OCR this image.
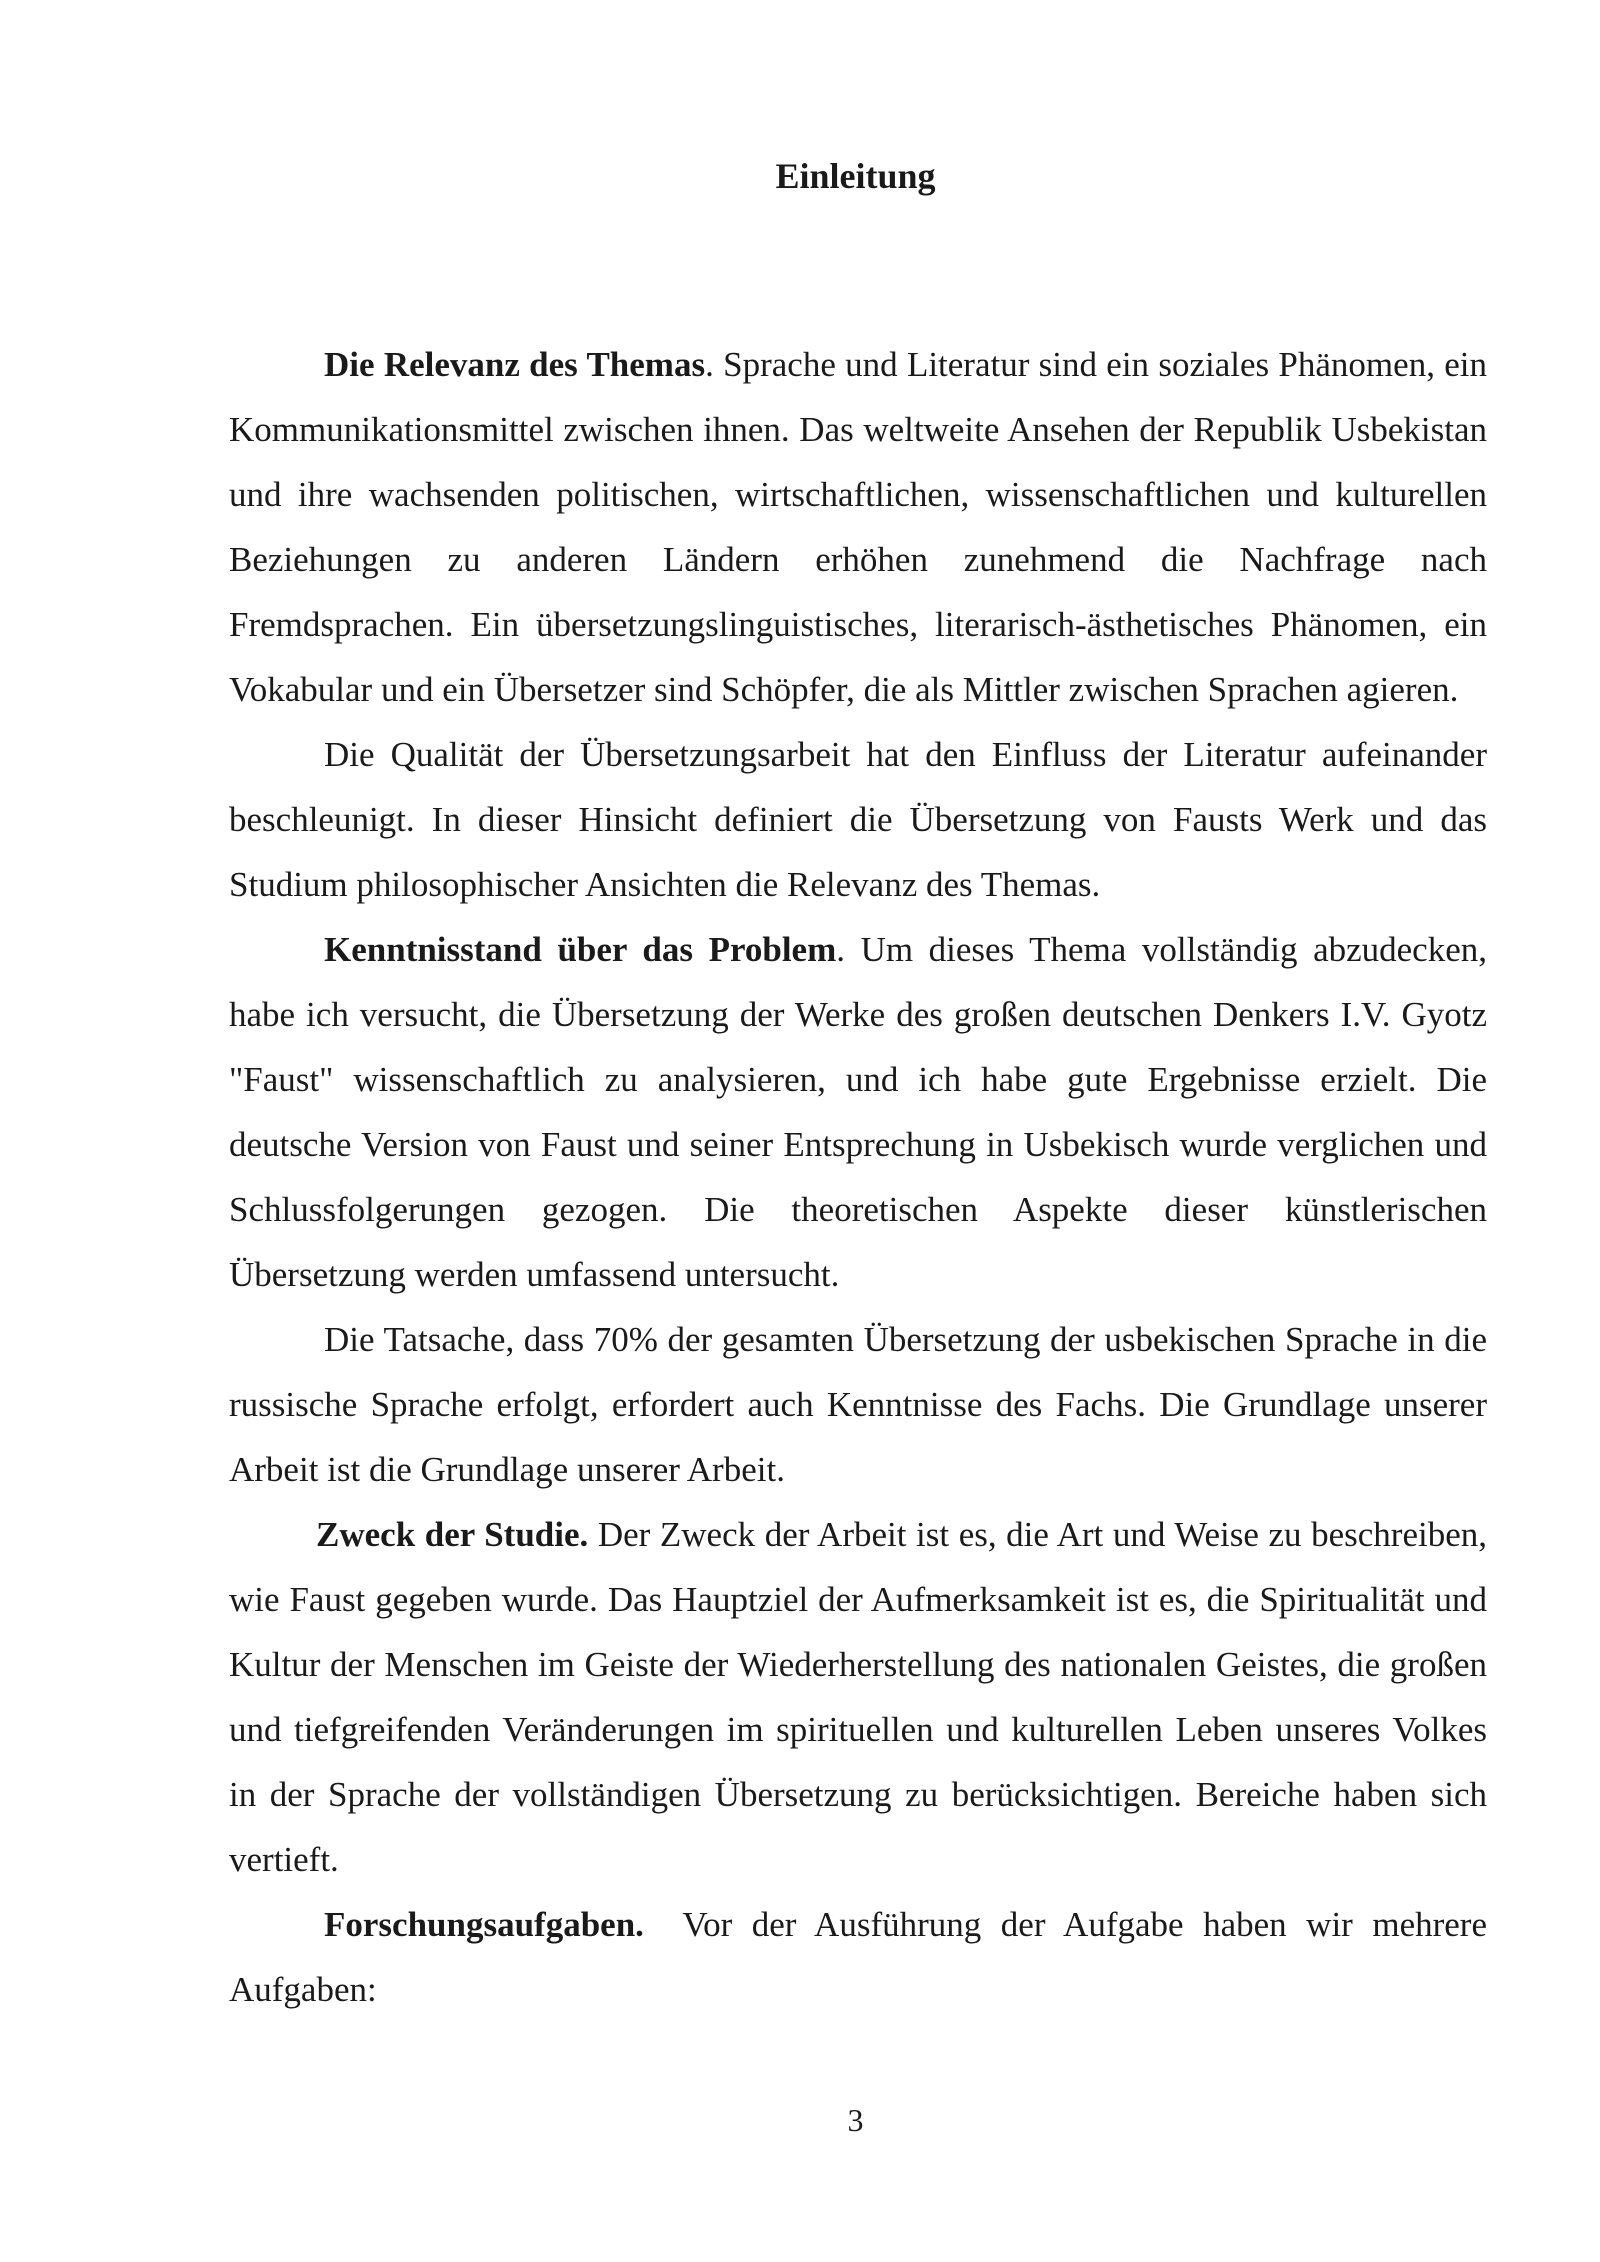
Einleitung

Die Relevanz des Themas. Sprache und Literatur sind ein soziales Phänomen, ein Kommunikationsmittel zwischen ihnen. Das weltweite Ansehen der Republik Usbekistan und ihre wachsenden politischen, wirtschaftlichen, wissenschaftlichen und kulturellen Beziehungen zu anderen Ländern erhöhen zunehmend die Nachfrage nach Fremdsprachen. Ein übersetzungslinguistisches, literarisch-ästhetisches Phänomen, ein Vokabular und ein Übersetzer sind Schöpfer, die als Mittler zwischen Sprachen agieren.

Die Qualität der Übersetzungsarbeit hat den Einfluss der Literatur aufeinander beschleunigt. In dieser Hinsicht definiert die Übersetzung von Fausts Werk und das Studium philosophischer Ansichten die Relevanz des Themas.

Kenntnisstand über das Problem. Um dieses Thema vollständig abzudecken, habe ich versucht, die Übersetzung der Werke des großen deutschen Denkers I.V. Gyotz "Faust" wissenschaftlich zu analysieren, und ich habe gute Ergebnisse erzielt. Die deutsche Version von Faust und seiner Entsprechung in Usbekisch wurde verglichen und Schlussfolgerungen gezogen. Die theoretischen Aspekte dieser künstlerischen Übersetzung werden umfassend untersucht.

Die Tatsache, dass 70% der gesamten Übersetzung der usbekischen Sprache in die russische Sprache erfolgt, erfordert auch Kenntnisse des Fachs. Die Grundlage unserer Arbeit ist die Grundlage unserer Arbeit.

Zweck der Studie. Der Zweck der Arbeit ist es, die Art und Weise zu beschreiben, wie Faust gegeben wurde. Das Hauptziel der Aufmerksamkeit ist es, die Spiritualität und Kultur der Menschen im Geiste der Wiederherstellung des nationalen Geistes, die großen und tiefgreifenden Veränderungen im spirituellen und kulturellen Leben unseres Volkes in der Sprache der vollständigen Übersetzung zu berücksichtigen. Bereiche haben sich vertieft.

Forschungsaufgaben.  Vor der Ausführung der Aufgabe haben wir mehrere Aufgaben:

3
